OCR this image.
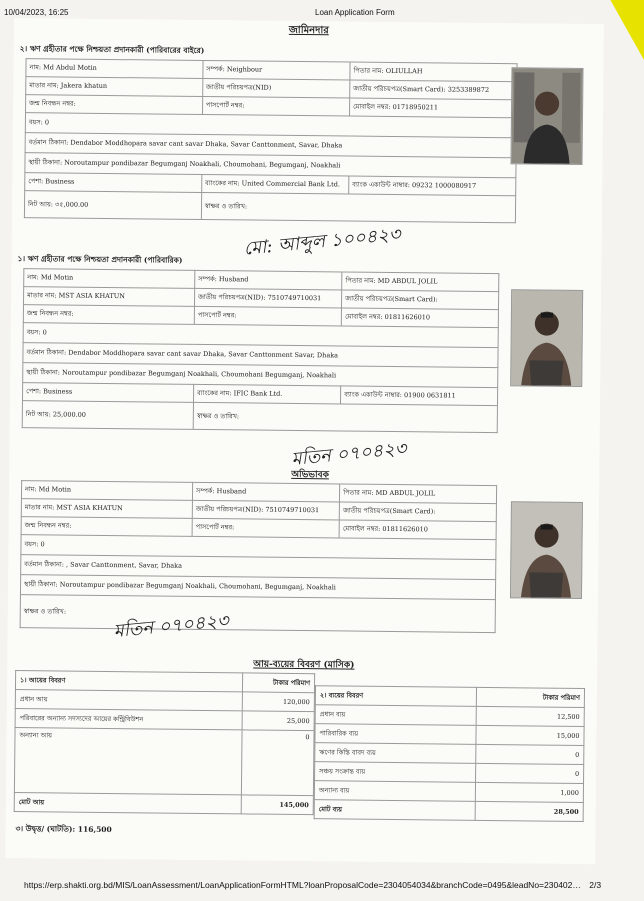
10/04/2023, 16:25	Loan Application Form
জামিনদার
২। ঋণ গ্রহীতার পক্ষে নিশ্চয়তা প্রদানকারী (পারিবারের বাইরে)
নাম: Md Abdul Motin	সম্পর্ক: Neighbour	পিতার নাম: OLIULLAH
মাতার নাম: Jakera khatun	জাতীয় পরিচয়পত্র(NID)	জাতীয় পরিচয়পত্র(Smart Card): 3253389872
জন্ম নিবন্ধন নম্বর:	পাসপোর্ট নম্বর:	মোবাইল নম্বর: 01718950211
বয়স: 0		
বর্তমান ঠিকানা: Dendabor Moddhopara savar cant savar Dhaka, Savar Canttonment, Savar, Dhaka		
স্থায়ী ঠিকানা: Noroutampur pondibazar Begumganj Noakhali, Choumohani, Begumganj, Noakhali		
পেশা: Business	ব্যাংকের নাম: United Commercial Bank Ltd.	ব্যাংক একাউন্ট নাম্বার: 09232 1000080917
নিট আয়: ৩৫,000.00	স্বাক্ষর ও তারিখ:	
মো: আব্দুল ১০০৪২৩
১। ঋণ গ্রহীতার পক্ষে নিশ্চয়তা প্রদানকারী (পারিবারিক)
নাম: Md Motin	সম্পর্ক: Husband	পিতার নাম: MD ABDUL JOLIL
মাতার নাম: MST ASIA KHATUN	জাতীয় পরিচয়পত্র(NID): 7510749710031	জাতীয় পরিচয়পত্র(Smart Card):
জন্ম নিবন্ধন নম্বর:	পাসপোর্ট নম্বর:	মোবাইল নম্বর: 01811626010
বয়স: 0		
বর্তমান ঠিকানা: Dendabor Moddhopara savar cant savar Dhaka, Savar Canttonment Savar, Dhaka		
স্থায়ী ঠিকানা: Noroutampur pondibazar Begumganj Noakhali, Choumohani Begumganj, Noakhali		
পেশা: Business	ব্যাংকের নাম: IFIC Bank Ltd.	ব্যাংক একাউন্ট নাম্বার: 01900 0631811
নিট আয়: 25,000.00	স্বাক্ষর ও তারিখ:	
মতিন ০৭০৪২৩
অভিভাবক
নাম: Md Motin	সম্পর্ক: Husband	পিতার নাম: MD ABDUL JOLIL
মাতার নাম: MST ASIA KHATUN	জাতীয় পরিচয়পত্র(NID): 7510749710031	জাতীয় পরিচয়পত্র(Smart Card):
জন্ম নিবন্ধন নম্বর:	পাসপোর্ট নম্বর:	মোবাইল নম্বর: 01811626010
বয়স: 0		
বর্তমান ঠিকানা: , Savar Canttonment, Savar, Dhaka		
স্থায়ী ঠিকানা: Noroutampur pondibazar Begumganj Noakhali, Choumohani, Begumganj, Noakhali		
স্বাক্ষর ও তারিখ:			মতিন ০৭০৪২৩
আয়-ব্যয়ের বিবরণ (মাসিক)
১। আয়ের বিবরণ	টাকার পরিমাণ
প্রধান আয়	120,000
পরিবারের অন্যান্য সদস্যদের আয়ের কন্ট্রিবিউশন	25,000
অন্যান্য আয়	0
মোট আয়	145,000
২। ব্যয়ের বিবরণ	টাকার পরিমাণ
প্রধান ব্যয়	12,500
পারিবারিক ব্যয়	15,000
ঋণের কিস্তি বাবদ ব্যয়	0
সঞ্চয় সংক্রান্ত ব্যয়	0
অন্যান্য ব্যয়	1,000
মোট ব্যয়	28,500
৩। উদ্বৃত্ত/ (ঘাটতি): 116,500
https://erp.shakti.org.bd/MIS/LoanAssessment/LoanApplicationFormHTML?loanProposalCode=2304054034&branchCode=0495&leadNo=230402… 2/3
